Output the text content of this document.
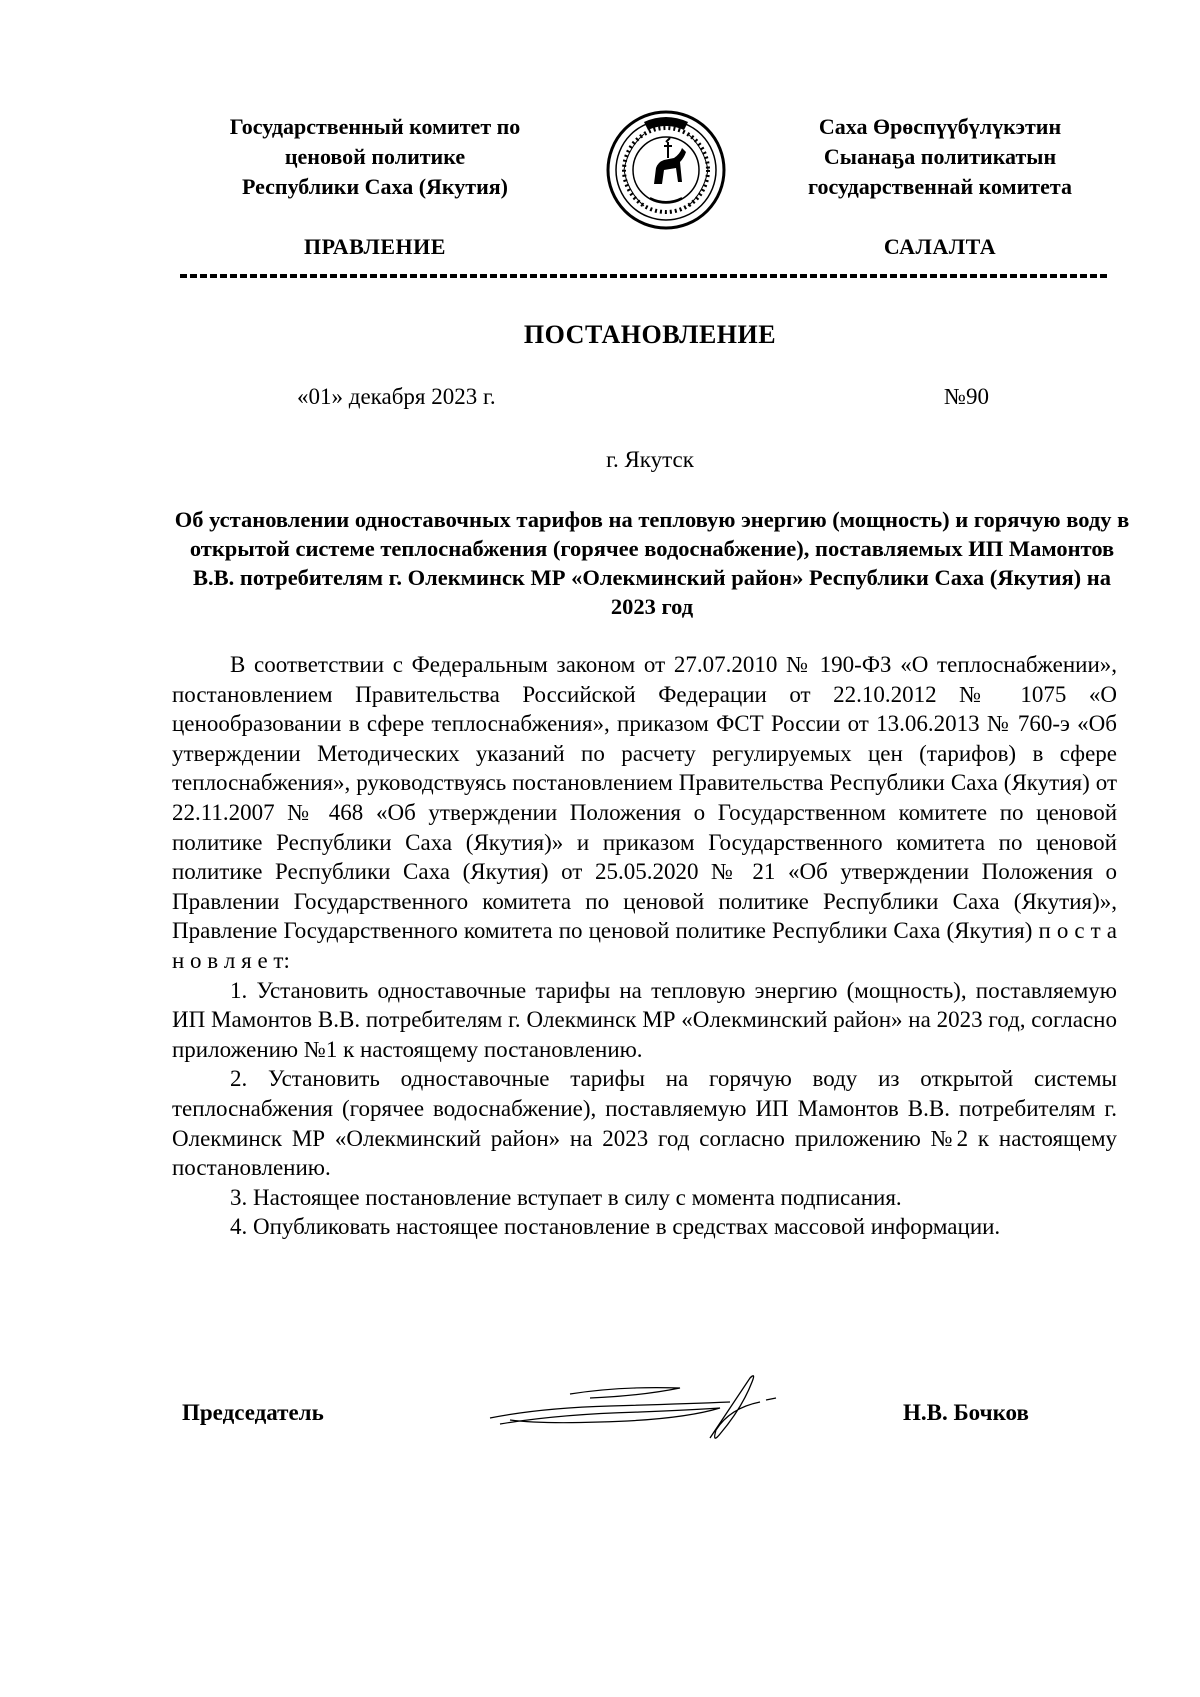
Государственный комитет по
ценовой политике
Республики Саха (Якутия)
Саха Өрөспүүбүлүкэтин
Сыанаҕа политикатын
государственнай комитета
ПРАВЛЕНИЕ	САЛАЛТА
ПОСТАНОВЛЕНИЕ
«01» декабря 2023 г.	№90
г. Якутск
Об установлении одноставочных тарифов на тепловую энергию (мощность) и горячую воду в открытой системе теплоснабжения (горячее водоснабжение), поставляемых ИП Мамонтов В.В. потребителям г. Олекминск МР «Олекминский район» Республики Саха (Якутия) на 2023 год

В соответствии с Федеральным законом от 27.07.2010 № 190-ФЗ «О теплоснабжении», постановлением Правительства Российской Федерации от 22.10.2012 № 1075 «О ценообразовании в сфере теплоснабжения», приказом ФСТ России от 13.06.2013 № 760-э «Об утверждении Методических указаний по расчету регулируемых цен (тарифов) в сфере теплоснабжения», руководствуясь постановлением Правительства Республики Саха (Якутия) от 22.11.2007 № 468 «Об утверждении Положения о Государственном комитете по ценовой политике Республики Саха (Якутия)» и приказом Государственного комитета по ценовой политике Республики Саха (Якутия) от 25.05.2020 № 21 «Об утверждении Положения о Правлении Государственного комитета по ценовой политике Республики Саха (Якутия)», Правление Государственного комитета по ценовой политике Республики Саха (Якутия) п о с т а н о в л я е т:

1. Установить одноставочные тарифы на тепловую энергию (мощность), поставляемую ИП Мамонтов В.В. потребителям г. Олекминск МР «Олекминский район» на 2023 год, согласно приложению №1 к настоящему постановлению.

2. Установить одноставочные тарифы на горячую воду из открытой системы теплоснабжения (горячее водоснабжение), поставляемую ИП Мамонтов В.В. потребителям г. Олекминск МР «Олекминский район» на 2023 год согласно приложению №2 к настоящему постановлению.

3. Настоящее постановление вступает в силу с момента подписания.

4. Опубликовать настоящее постановление в средствах массовой информации.

Председатель	Н.В. Бочков
